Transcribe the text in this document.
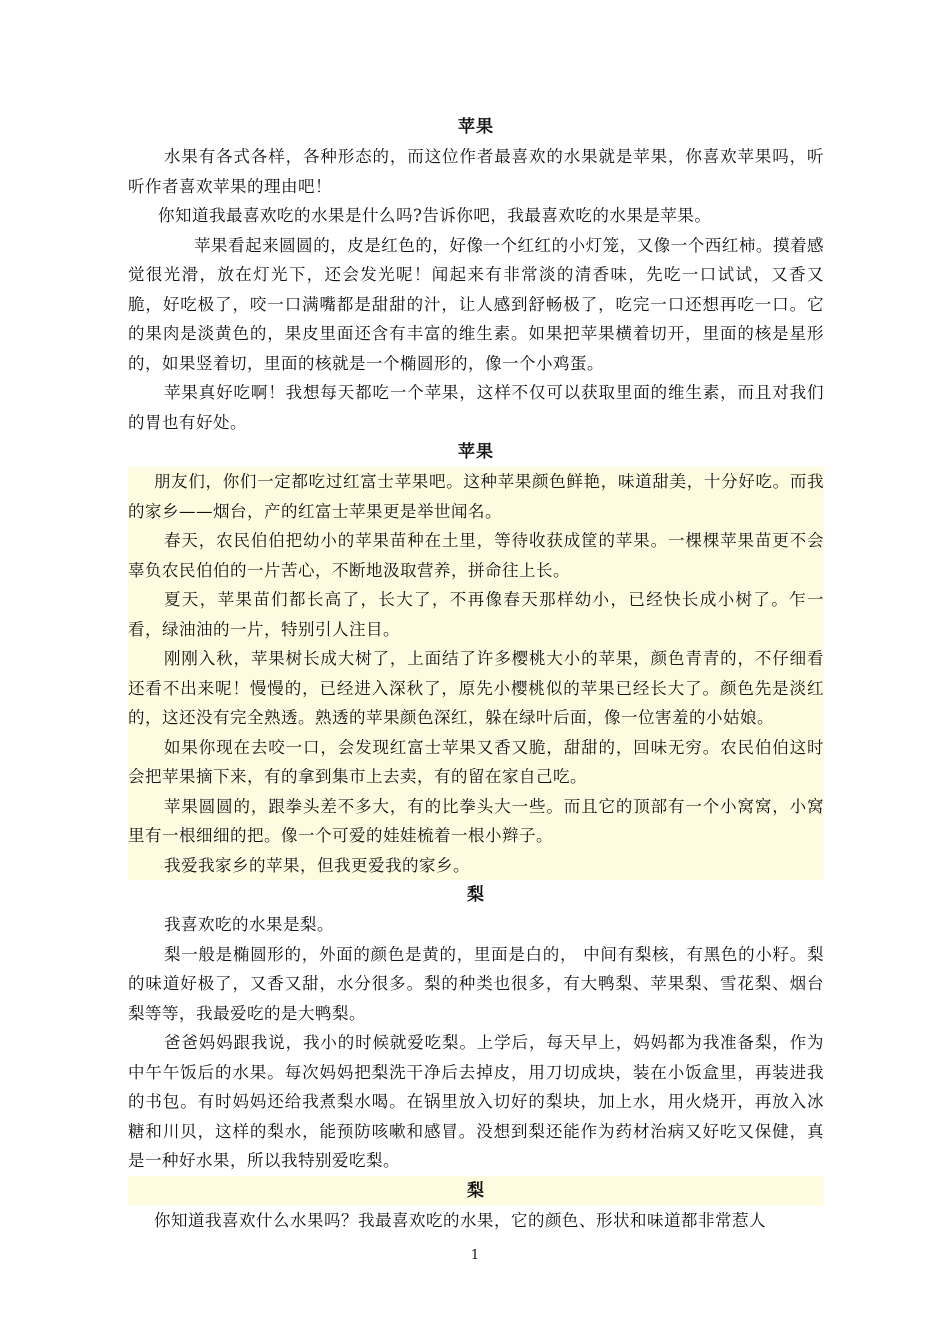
苹果

水果有各式各样，各种形态的，而这位作者最喜欢的水果就是苹果，你喜欢苹果吗，听听作者喜欢苹果的理由吧！

你知道我最喜欢吃的水果是什么吗?告诉你吧，我最喜欢吃的水果是苹果。

苹果看起来圆圆的，皮是红色的，好像一个红红的小灯笼，又像一个西红柿。摸着感觉很光滑，放在灯光下，还会发光呢！闻起来有非常淡的清香味，先吃一口试试，又香又脆，好吃极了，咬一口满嘴都是甜甜的汁，让人感到舒畅极了，吃完一口还想再吃一口。它的果肉是淡黄色的，果皮里面还含有丰富的维生素。如果把苹果横着切开，里面的核是星形的，如果竖着切，里面的核就是一个椭圆形的，像一个小鸡蛋。

苹果真好吃啊！我想每天都吃一个苹果，这样不仅可以获取里面的维生素，而且对我们的胃也有好处。

苹果

朋友们，你们一定都吃过红富士苹果吧。这种苹果颜色鲜艳，味道甜美，十分好吃。而我的家乡——烟台，产的红富士苹果更是举世闻名。

春天，农民伯伯把幼小的苹果苗种在土里，等待收获成筐的苹果。一棵棵苹果苗更不会辜负农民伯伯的一片苦心，不断地汲取营养，拼命往上长。

夏天，苹果苗们都长高了，长大了，不再像春天那样幼小，已经快长成小树了。乍一看，绿油油的一片，特别引人注目。

刚刚入秋，苹果树长成大树了，上面结了许多樱桃大小的苹果，颜色青青的，不仔细看还看不出来呢！慢慢的，已经进入深秋了，原先小樱桃似的苹果已经长大了。颜色先是淡红的，这还没有完全熟透。熟透的苹果颜色深红，躲在绿叶后面，像一位害羞的小姑娘。

如果你现在去咬一口，会发现红富士苹果又香又脆，甜甜的，回味无穷。农民伯伯这时会把苹果摘下来，有的拿到集市上去卖，有的留在家自己吃。

苹果圆圆的，跟拳头差不多大，有的比拳头大一些。而且它的顶部有一个小窝窝，小窝里有一根细细的把。像一个可爱的娃娃梳着一根小辫子。

我爱我家乡的苹果，但我更爱我的家乡。

梨

我喜欢吃的水果是梨。

梨一般是椭圆形的，外面的颜色是黄的，里面是白的， 中间有梨核，有黑色的小籽。梨的味道好极了，又香又甜，水分很多。梨的种类也很多，有大鸭梨、苹果梨、雪花梨、烟台梨等等，我最爱吃的是大鸭梨。

爸爸妈妈跟我说，我小的时候就爱吃梨。上学后，每天早上，妈妈都为我准备梨，作为中午午饭后的水果。每次妈妈把梨洗干净后去掉皮，用刀切成块，装在小饭盒里，再装进我的书包。有时妈妈还给我煮梨水喝。在锅里放入切好的梨块，加上水，用火烧开，再放入冰糖和川贝，这样的梨水，能预防咳嗽和感冒。没想到梨还能作为药材治病又好吃又保健，真是一种好水果，所以我特别爱吃梨。

梨

你知道我喜欢什么水果吗？我最喜欢吃的水果，它的颜色、形状和味道都非常惹人

1
